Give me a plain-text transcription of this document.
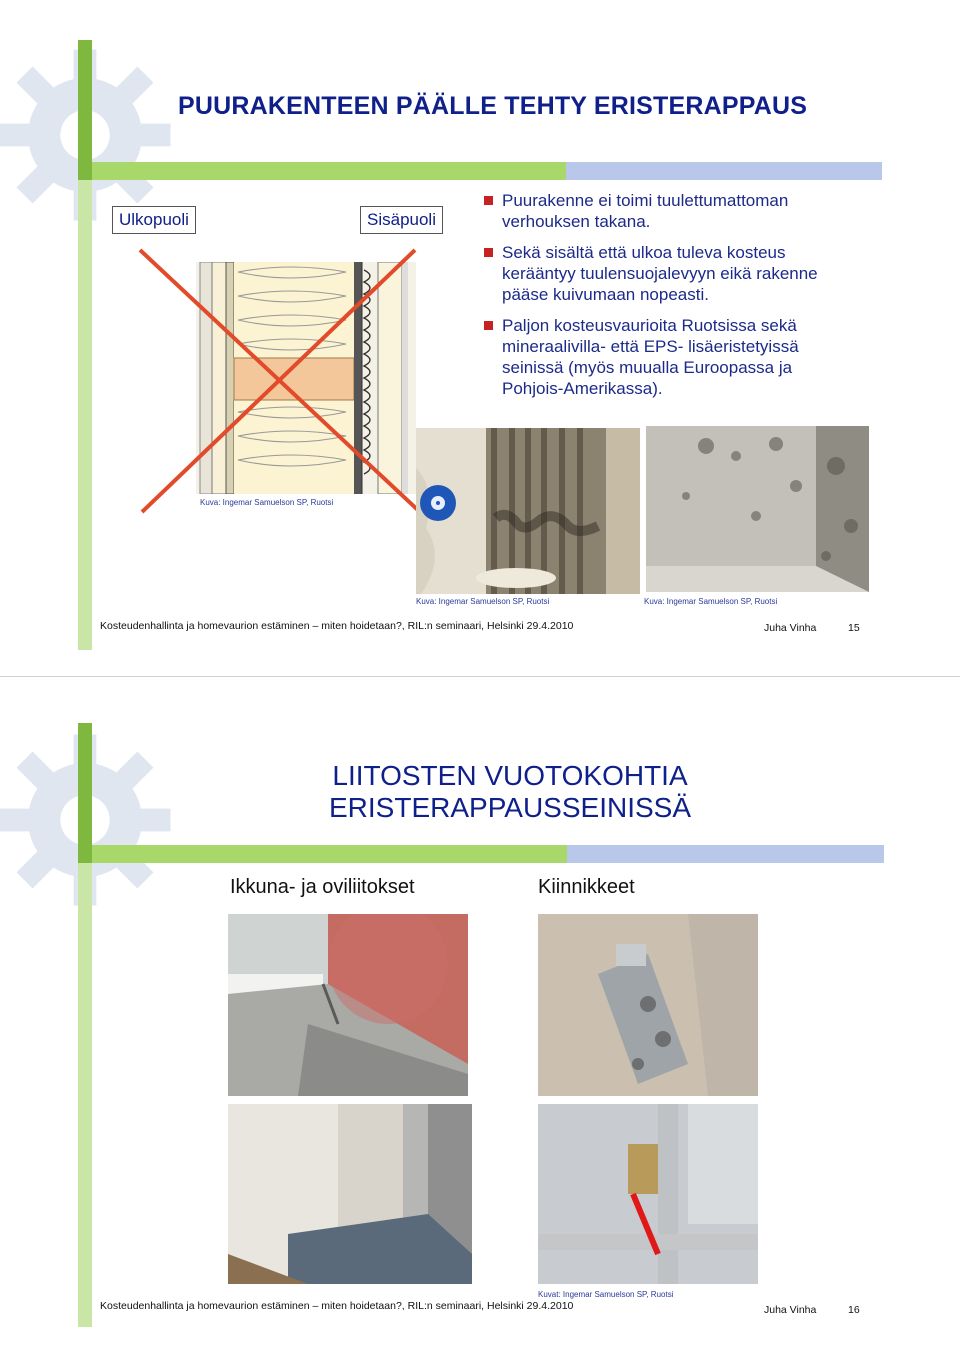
PUURAKENTEEN PÄÄLLE TEHTY ERISTERAPPAUS
Ulkopuoli	Sisäpuoli
Kuva: Ingemar Samuelson SP, Ruotsi
Puurakenne ei toimi tuulettumattoman verhouksen takana.
Sekä sisältä että ulkoa tuleva kosteus kerääntyy tuulensuojalevyyn eikä rakenne pääse kuivumaan nopeasti.
Paljon kosteusvaurioita Ruotsissa sekä mineraalivilla- että EPS- lisäeristetyissä seinissä (myös muualla Euroopassa ja Pohjois-Amerikassa).
Kuva: Ingemar Samuelson SP, Ruotsi	Kuva: Ingemar Samuelson SP, Ruotsi
Kosteudenhallinta ja homevaurion estäminen – miten hoidetaan?, RIL:n seminaari, Helsinki 29.4.2010	Juha Vinha	15
LIITOSTEN VUOTOKOHTIA
ERISTERAPPAUSSEINISSÄ
Ikkuna- ja oviliitokset	Kiinnikkeet
Kuvat: Ingemar Samuelson SP, Ruotsi
Kosteudenhallinta ja homevaurion estäminen – miten hoidetaan?, RIL:n seminaari, Helsinki 29.4.2010	Juha Vinha	16
